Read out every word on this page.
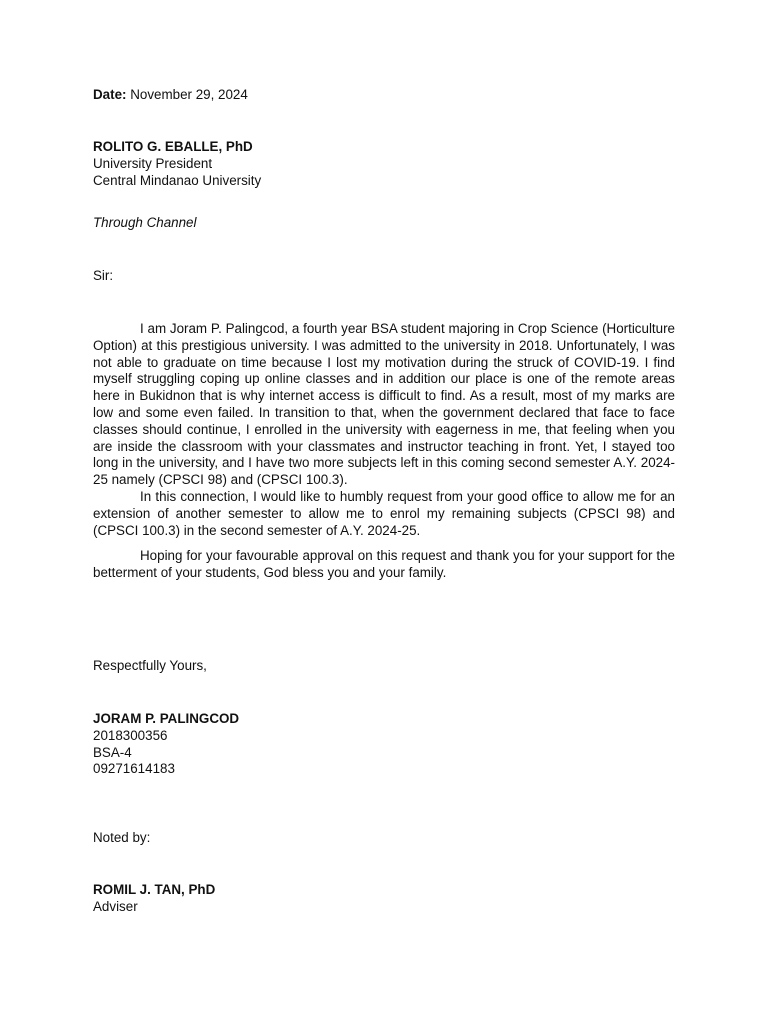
Date: November 29, 2024
ROLITO G. EBALLE, PhD
University President
Central Mindanao University
Through Channel
Sir:

I am Joram P. Palingcod, a fourth year BSA student majoring in Crop Science (Horticulture Option) at this prestigious university. I was admitted to the university in 2018. Unfortunately, I was not able to graduate on time because I lost my motivation during the struck of COVID-19. I find myself struggling coping up online classes and in addition our place is one of the remote areas here in Bukidnon that is why internet access is difficult to find. As a result, most of my marks are low and some even failed. In transition to that, when the government declared that face to face classes should continue, I enrolled in the university with eagerness in me, that feeling when you are inside the classroom with your classmates and instructor teaching in front. Yet, I stayed too long in the university, and I have two more subjects left in this coming second semester A.Y. 2024-25 namely (CPSCI 98) and (CPSCI 100.3).

In this connection, I would like to humbly request from your good office to allow me for an extension of another semester to allow me to enrol my remaining subjects (CPSCI 98) and (CPSCI 100.3) in the second semester of A.Y. 2024-25.

Hoping for your favourable approval on this request and thank you for your support for the betterment of your students, God bless you and your family.

Respectfully Yours,
JORAM P. PALINGCOD
2018300356
BSA-4
09271614183
Noted by:
ROMIL J. TAN, PhD
Adviser
